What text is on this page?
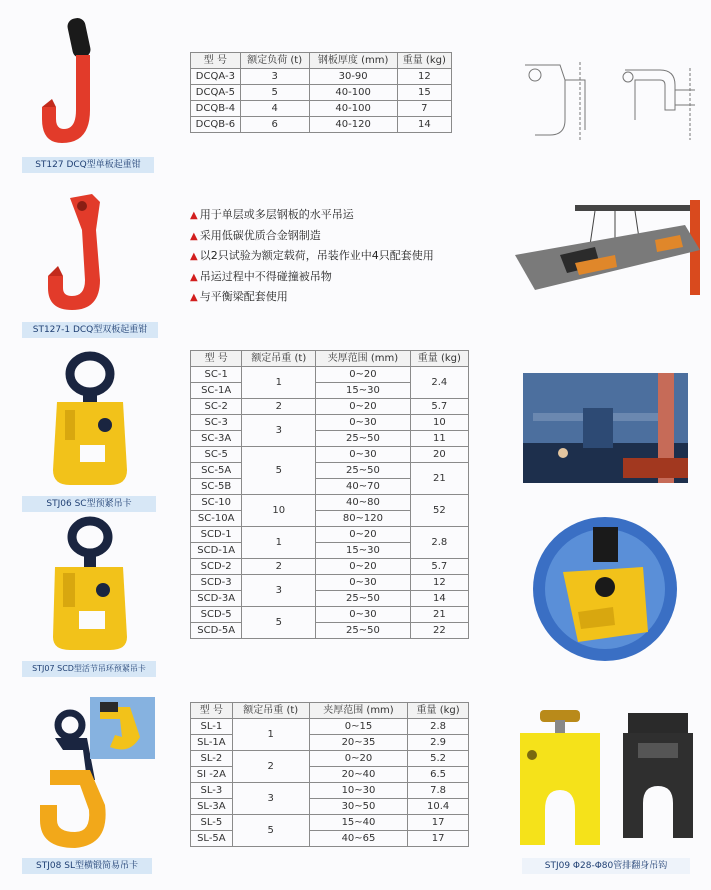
ST127 DCQ型单板起重钳
型 号	额定负荷 (t)	钢板厚度 (mm)	重量 (kg)
DCQA-3	3	30-90	12
DCQA-5	5	40-100	15
DCQB-4	4	40-100	7
DCQB-6	6	40-120	14
ST127-1 DCQ型双板起重钳
▲ 用于单层或多层钢板的水平吊运
▲ 采用低碳优质合金钢制造
▲ 以2只试验为额定载荷，吊装作业中4只配套使用
▲ 吊运过程中不得碰撞被吊物
▲ 与平衡梁配套使用
STJ06 SC型预紧吊卡
型 号	额定吊重 (t)	夹厚范围 (mm)	重量 (kg)
SC-1	1	0~20	2.4
SC-1A		15~30	
SC-2	2	0~20	5.7
SC-3	3	0~30	10
SC-3A		25~50	11
SC-5	5	0~30	20
SC-5A		25~50	21
SC-5B		40~70	
SC-10	10	40~80	52
SC-10A		80~120	
SCD-1	1	0~20	2.8
SCD-1A		15~30	
SCD-2	2	0~20	5.7
SCD-3	3	0~30	12
SCD-3A		25~50	14
SCD-5	5	0~30	21
SCD-5A		25~50	22
STJ07 SCD型活节吊环预紧吊卡
STJ08 SL型横锻简易吊卡
型 号	额定吊重 (t)	夹厚范围 (mm)	重量 (kg)
SL-1	1	0~15	2.8
SL-1A		20~35	2.9
SL-2	2	0~20	5.2
SI -2A		20~40	6.5
SL-3	3	10~30	7.8
SL-3A		30~50	10.4
SL-5	5	15~40	17
SL-5A		40~65	17
STJ09 Φ28-Φ80管排翻身吊钩
